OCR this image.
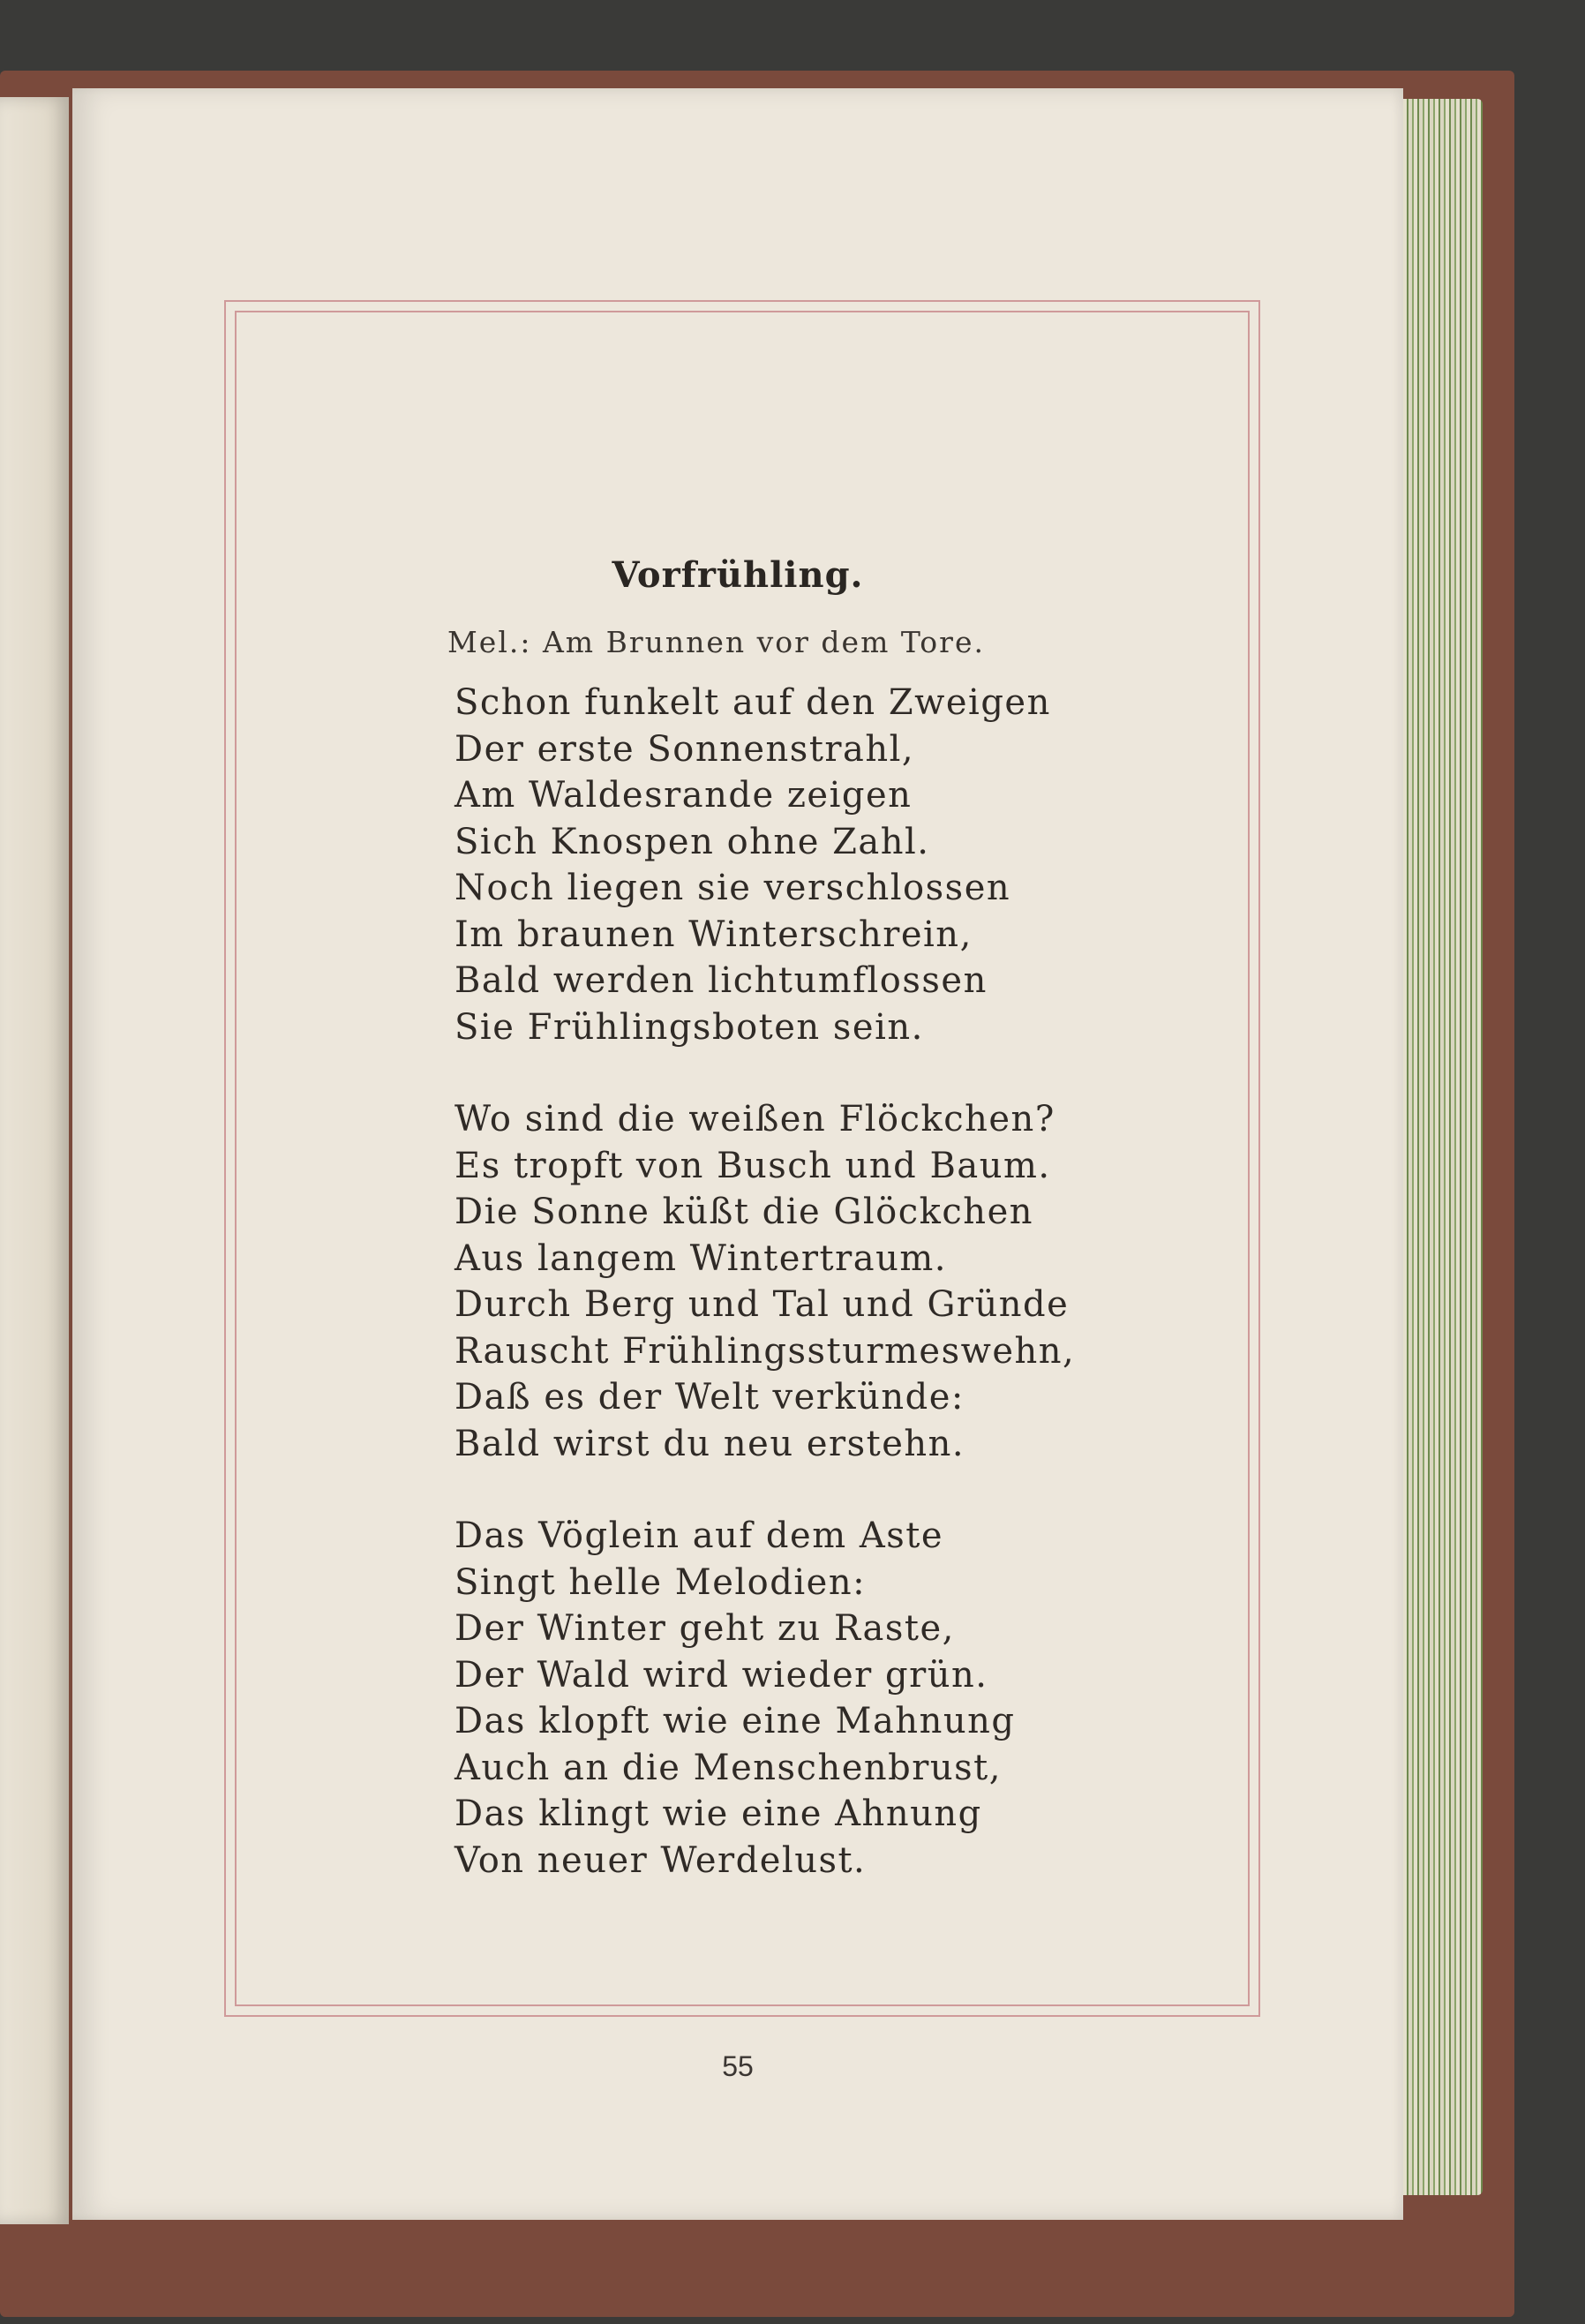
Vorfrühling.
Mel.: Am Brunnen vor dem Tore.
Schon funkelt auf den Zweigen
Der erste Sonnenstrahl,
Am Waldesrande zeigen
Sich Knospen ohne Zahl.
Noch liegen sie verschlossen
Im braunen Winterschrein,
Bald werden lichtumflossen
Sie Frühlingsboten sein.
Wo sind die weißen Flöckchen?
Es tropft von Busch und Baum.
Die Sonne küßt die Glöckchen
Aus langem Wintertraum.
Durch Berg und Tal und Gründe
Rauscht Frühlingssturmeswehn,
Daß es der Welt verkünde:
Bald wirst du neu erstehn.
Das Vöglein auf dem Aste
Singt helle Melodien:
Der Winter geht zu Raste,
Der Wald wird wieder grün.
Das klopft wie eine Mahnung
Auch an die Menschenbrust,
Das klingt wie eine Ahnung
Von neuer Werdelust.
55
